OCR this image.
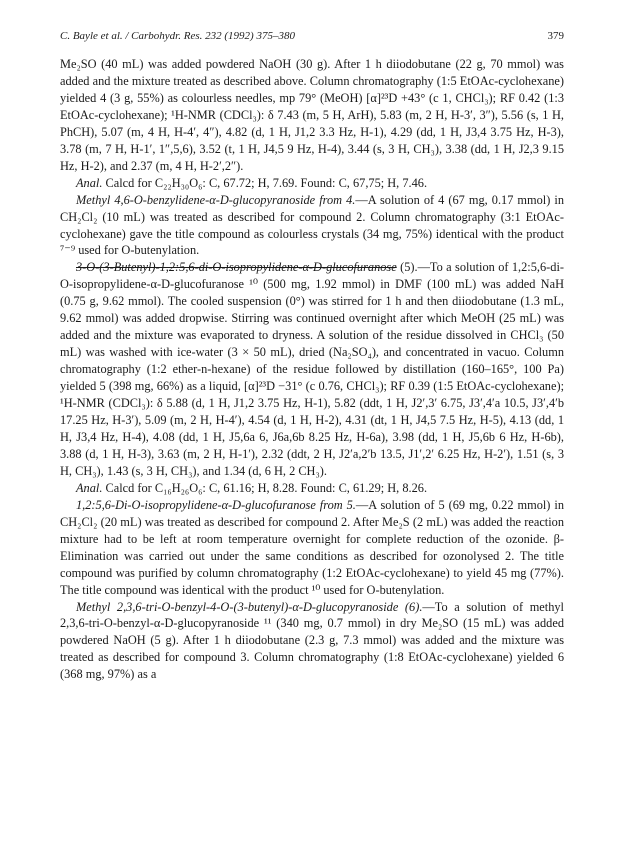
C. Bayle et al. / Carbohydr. Res. 232 (1992) 375–380	379

Me₂SO (40 mL) was added powdered NaOH (30 g). After 1 h diiodobutane (22 g, 70 mmol) was added and the mixture treated as described above. Column chromatography (1:5 EtOAc-cyclohexane) yielded 4 (3 g, 55%) as colourless needles, mp 79° (MeOH) [α]²³D +43° (c 1, CHCl₃); RF 0.42 (1:3 EtOAc-cyclohexane); ¹H-NMR (CDCl₃): δ 7.43 (m, 5 H, ArH), 5.83 (m, 2 H, H-3′, 3″), 5.56 (s, 1 H, PhCH), 5.07 (m, 4 H, H-4′, 4″), 4.82 (d, 1 H, J1,2 3.3 Hz, H-1), 4.29 (dd, 1 H, J3,4 3.75 Hz, H-3), 3.78 (m, 7 H, H-1′, 1″,5,6), 3.52 (t, 1 H, J4,5 9 Hz, H-4), 3.44 (s, 3 H, CH₃), 3.38 (dd, 1 H, J2,3 9.15 Hz, H-2), and 2.37 (m, 4 H, H-2′,2″).

Anal. Calcd for C₂₂H₃₀O₆: C, 67.72; H, 7.69. Found: C, 67,75; H, 7.46.

Methyl 4,6-O-benzylidene-α-D-glucopyranoside from 4.—A solution of 4 (67 mg, 0.17 mmol) in CH₂Cl₂ (10 mL) was treated as described for compound 2. Column chromatography (3:1 EtOAc-cyclohexane) gave the title compound as colourless crystals (34 mg, 75%) identical with the product ⁷⁻⁹ used for O-butenylation.

3-O-(3-Butenyl)-1,2:5,6-di-O-isopropylidene-α-D-glucofuranose (5).—To a solution of 1,2:5,6-di-O-isopropylidene-α-D-glucofuranose ¹⁰ (500 mg, 1.92 mmol) in DMF (100 mL) was added NaH (0.75 g, 9.62 mmol). The cooled suspension (0°) was stirred for 1 h and then diiodobutane (1.3 mL, 9.62 mmol) was added dropwise. Stirring was continued overnight after which MeOH (25 mL) was added and the mixture was evaporated to dryness. A solution of the residue dissolved in CHCl₃ (50 mL) was washed with ice-water (3 × 50 mL), dried (Na₂SO₄), and concentrated in vacuo. Column chromatography (1:2 ether-n-hexane) of the residue followed by distillation (160–165°, 100 Pa) yielded 5 (398 mg, 66%) as a liquid, [α]²³D −31° (c 0.76, CHCl₃); RF 0.39 (1:5 EtOAc-cyclohexane); ¹H-NMR (CDCl₃): δ 5.88 (d, 1 H, J1,2 3.75 Hz, H-1), 5.82 (ddt, 1 H, J2′,3′ 6.75, J3′,4′a 10.5, J3′,4′b 17.25 Hz, H-3′), 5.09 (m, 2 H, H-4′), 4.54 (d, 1 H, H-2), 4.31 (dt, 1 H, J4,5 7.5 Hz, H-5), 4.13 (dd, 1 H, J3,4 Hz, H-4), 4.08 (dd, 1 H, J5,6a 6, J6a,6b 8.25 Hz, H-6a), 3.98 (dd, 1 H, J5,6b 6 Hz, H-6b), 3.88 (d, 1 H, H-3), 3.63 (m, 2 H, H-1′), 2.32 (ddt, 2 H, J2′a,2′b 13.5, J1′,2′ 6.25 Hz, H-2′), 1.51 (s, 3 H, CH₃), 1.43 (s, 3 H, CH₃), and 1.34 (d, 6 H, 2 CH₃).

Anal. Calcd for C₁₆H₂₆O₆: C, 61.16; H, 8.28. Found: C, 61.29; H, 8.26.

1,2:5,6-Di-O-isopropylidene-α-D-glucofuranose from 5.—A solution of 5 (69 mg, 0.22 mmol) in CH₂Cl₂ (20 mL) was treated as described for compound 2. After Me₂S (2 mL) was added the reaction mixture had to be left at room temperature overnight for complete reduction of the ozonide. β-Elimination was carried out under the same conditions as described for ozonolysed 2. The title compound was purified by column chromatography (1:2 EtOAc-cyclohexane) to yield 45 mg (77%). The title compound was identical with the product ¹⁰ used for O-butenylation.

Methyl 2,3,6-tri-O-benzyl-4-O-(3-butenyl)-α-D-glucopyranoside (6).—To a solution of methyl 2,3,6-tri-O-benzyl-α-D-glucopyranoside ¹¹ (340 mg, 0.7 mmol) in dry Me₂SO (15 mL) was added powdered NaOH (5 g). After 1 h diiodobutane (2.3 g, 7.3 mmol) was added and the mixture was treated as described for compound 3. Column chromatography (1:8 EtOAc-cyclohexane) yielded 6 (368 mg, 97%) as a
